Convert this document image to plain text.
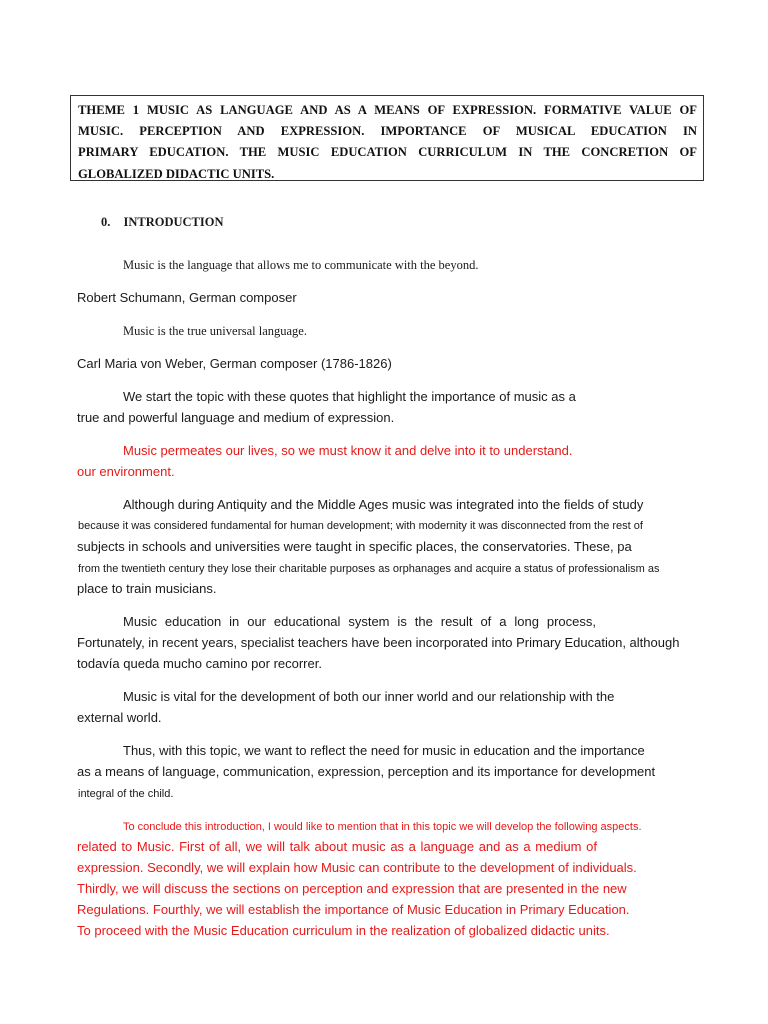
THEME 1 MUSIC AS LANGUAGE AND AS A MEANS OF EXPRESSION. FORMATIVE VALUE OF
MUSIC. PERCEPTION AND EXPRESSION. IMPORTANCE OF MUSICAL EDUCATION IN
PRIMARY EDUCATION. THE MUSIC EDUCATION CURRICULUM IN THE CONCRETION OF
GLOBALIZED DIDACTIC UNITS.
0. INTRODUCTION
Music is the language that allows me to communicate with the beyond.
Robert Schumann, German composer
Music is the true universal language.
Carl Maria von Weber, German composer (1786-1826)
We start the topic with these quotes that highlight the importance of music as a
true and powerful language and medium of expression.
Music permeates our lives, so we must know it and delve into it to understand.
our environment.
Although during Antiquity and the Middle Ages music was integrated into the fields of study
because it was considered fundamental for human development; with modernity it was disconnected from the rest of
subjects in schools and universities were taught in specific places, the conservatories. These, pa
from the twentieth century they lose their charitable purposes as orphanages and acquire a status of professionalism as
place to train musicians.
Music education in our educational system is the result of a long process,
Fortunately, in recent years, specialist teachers have been incorporated into Primary Education, although
todavía queda mucho camino por recorrer.
Music is vital for the development of both our inner world and our relationship with the
external world.
Thus, with this topic, we want to reflect the need for music in education and the importance
as a means of language, communication, expression, perception and its importance for development
integral of the child.
To conclude this introduction, I would like to mention that in this topic we will develop the following aspects.
related to Music. First of all, we will talk about music as a language and as a medium of
expression. Secondly, we will explain how Music can contribute to the development of individuals.
Thirdly, we will discuss the sections on perception and expression that are presented in the new
Regulations. Fourthly, we will establish the importance of Music Education in Primary Education.
To proceed with the Music Education curriculum in the realization of globalized didactic units.
